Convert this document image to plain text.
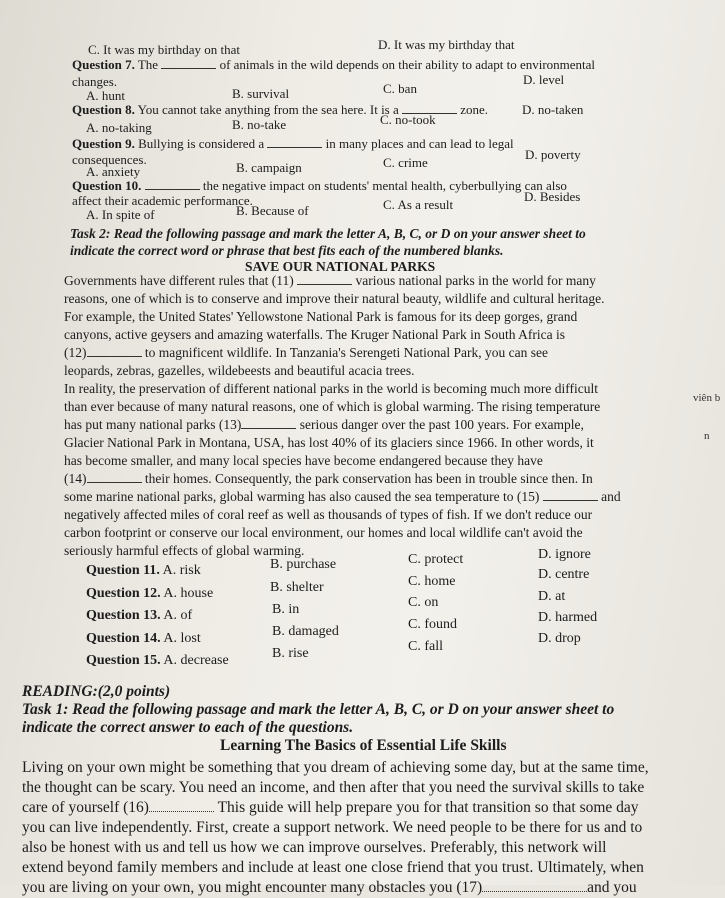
C. It was my birthday on that	D. It was my birthday that
Question 7. The	of animals in the wild depends on their ability to adapt to environmental
changes.
A. hunt	B. survival	C. ban
D. level
Question 8. You cannot take anything from the sea here. It is a	zone.
A. no-taking	B. no-take	C. no-took
D. no-taken
Question 9. Bullying is considered a	in many places and can lead to legal
consequences.
A. anxiety	B. campaign	C. crime
D. poverty
Question 10.	the negative impact on students' mental health, cyberbullying can also
affect their academic performance.
A. In spite of	B. Because of	C. As a result
D. Besides
Task 2: Read the following passage and mark the letter A, B, C, or D on your answer sheet to
indicate the correct word or phrase that best fits each of the numbered blanks.
SAVE OUR NATIONAL PARKS
Governments have different rules that (11)	various national parks in the world for many
reasons, one of which is to conserve and improve their natural beauty, wildlife and cultural heritage.
For example, the United States' Yellowstone National Park is famous for its deep gorges, grand
canyons, active geysers and amazing waterfalls. The Kruger National Park in South Africa is
(12)	to magnificent wildlife. In Tanzania's Serengeti National Park, you can see
leopards, zebras, gazelles, wildebeests and beautiful acacia trees.
In reality, the preservation of different national parks in the world is becoming much more difficult
than ever because of many natural reasons, one of which is global warming. The rising temperature
has put many national parks (13)	serious danger over the past 100 years. For example,
Glacier National Park in Montana, USA, has lost 40% of its glaciers since 1966. In other words, it
has become smaller, and many local species have become endangered because they have
(14)	their homes. Consequently, the park conservation has been in trouble since then. In
some marine national parks, global warming has also caused the sea temperature to (15)	and
negatively affected miles of coral reef as well as thousands of types of fish. If we don't reduce our
carbon footprint or conserve our local environment, our homes and local wildlife can't avoid the
seriously harmful effects of global warming.
Question 11. A. risk	B. purchase	C. protect	D. ignore
Question 12. A. house	B. shelter	C. home	D. centre
Question 13. A. of	B. in	C. on	D. at
Question 14. A. lost	B. damaged	C. found	D. harmed
Question 15. A. decrease	B. rise	C. fall
D. drop
READING:(2,0 points)
Task 1: Read the following passage and mark the letter A, B, C, or D on your answer sheet to
indicate the correct answer to each of the questions.
Learning The Basics of Essential Life Skills
Living on your own might be something that you dream of achieving some day, but at the same time,
the thought can be scary. You need an income, and then after that you need the survival skills to take
care of yourself (16)	This guide will help prepare you for that transition so that some day
you can live independently. First, create a support network. We need people to be there for us and to
also be honest with us and tell us how we can improve ourselves. Preferably, this network will
extend beyond family members and include at least one close friend that you trust. Ultimately, when
you are living on your own, you might encounter many obstacles you (17)	and you
viên b
n
